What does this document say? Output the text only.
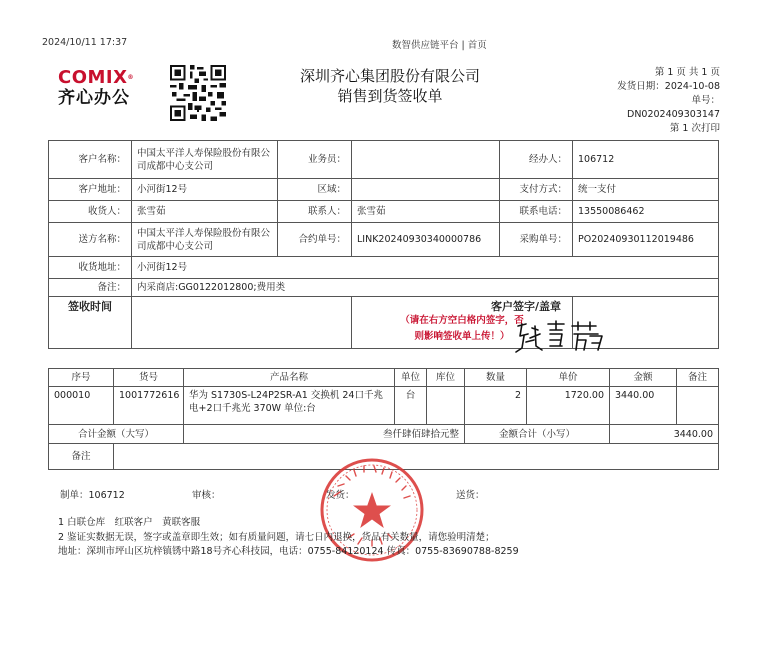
2024/10/11 17:37	数智供应链平台 | 首页
COMIX®
齐心办公
深圳齐心集团股份有限公司
销售到货签收单
第 1 页 共 1 页
发货日期：2024-10-08
单号：DN0202409303147
第 1 次打印
客户名称：	中国太平洋人寿保险股份有限公司成都中心支公司	业务员：		经办人：	106712
客户地址：	小河街12号	区域：		支付方式：	统一支付
收货人：	张雪茹	联系人：	张雪茹	联系电话：	13550086462
送方名称：	中国太平洋人寿保险股份有限公司成都中心支公司	合约单号：	LINK20240930340000786	采购单号：	PO20240930112019486
收货地址：	小河街12号				
备注：	内采商店:GG0122012800;费用类				
签收时间			客户签字/盖章
（请在右方空白格内签字，否
则影响签收单上传！）		

序号	货号	产品名称	单位	库位	数量	单价	金额	备注
000010	1001772616	华为 S1730S-L24P2SR-A1 交换机 24口千兆电+2口千兆光 370W 单位:台	台		2	1720.00	3440.00	
合计金额（大写）		叁仟肆佰肆拾元整			金额合计（小写）		3440.00	
备注								
制单：106712	审核：	发货：	送货：
1 白联仓库　红联客户　黄联客服
2 鉴证实数据无误，签字或盖章即生效；如有质量问题，请七日内退换，货品有关数量，请您验明清楚；
地址：深圳市坪山区坑梓镇锈中路18号齐心科技园，电话：0755-84120124 传真：0755-83690788-8259
